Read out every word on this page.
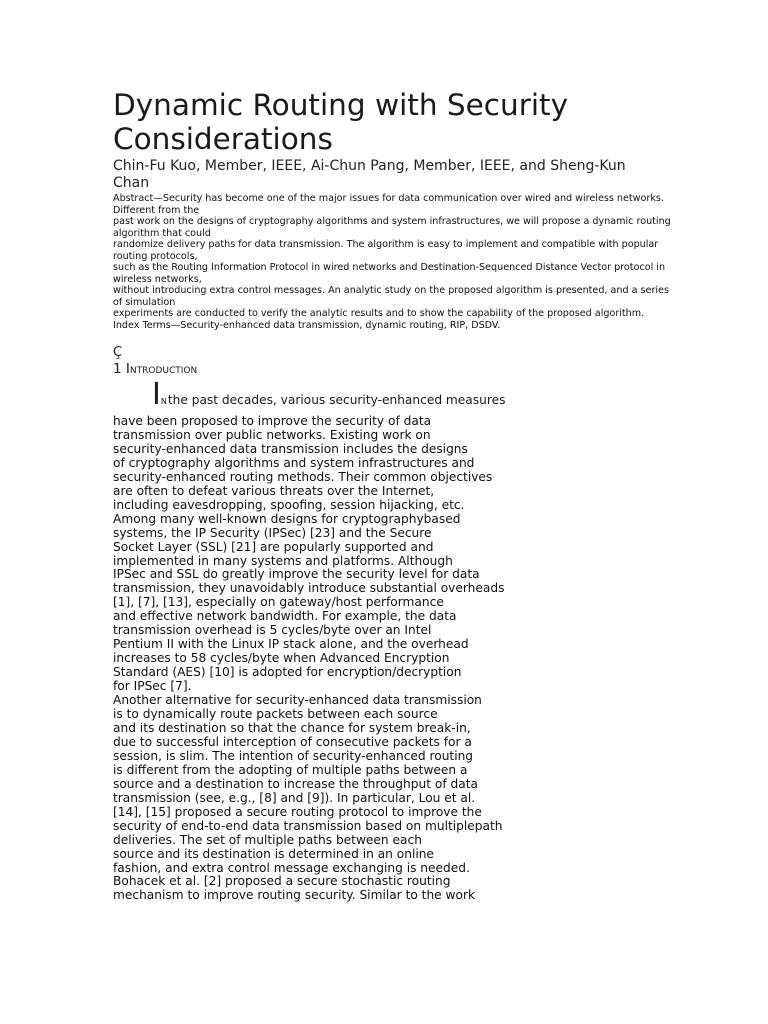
Dynamic Routing with Security Considerations
Chin-Fu Kuo, Member, IEEE, Ai-Chun Pang, Member, IEEE, and Sheng-Kun Chan
Abstract—Security has become one of the major issues for data communication over wired and wireless networks. Different from the
past work on the designs of cryptography algorithms and system infrastructures, we will propose a dynamic routing algorithm that could
randomize delivery paths for data transmission. The algorithm is easy to implement and compatible with popular routing protocols,
such as the Routing Information Protocol in wired networks and Destination-Sequenced Distance Vector protocol in wireless networks,
without introducing extra control messages. An analytic study on the proposed algorithm is presented, and a series of simulation
experiments are conducted to verify the analytic results and to show the capability of the proposed algorithm.
Index Terms—Security-enhanced data transmission, dynamic routing, RIP, DSDV.
Ç
1 Introduction
INthe past decades, various security-enhanced measures
have been proposed to improve the security of data
transmission over public networks. Existing work on
security-enhanced data transmission includes the designs
of cryptography algorithms and system infrastructures and
security-enhanced routing methods. Their common objectives
are often to defeat various threats over the Internet,
including eavesdropping, spoofing, session hijacking, etc.
Among many well-known designs for cryptographybased
systems, the IP Security (IPSec) [23] and the Secure
Socket Layer (SSL) [21] are popularly supported and
implemented in many systems and platforms. Although
IPSec and SSL do greatly improve the security level for data
transmission, they unavoidably introduce substantial overheads
[1], [7], [13], especially on gateway/host performance
and effective network bandwidth. For example, the data
transmission overhead is 5 cycles/byte over an Intel
Pentium II with the Linux IP stack alone, and the overhead
increases to 58 cycles/byte when Advanced Encryption
Standard (AES) [10] is adopted for encryption/decryption
for IPSec [7].
Another alternative for security-enhanced data transmission
is to dynamically route packets between each source
and its destination so that the chance for system break-in,
due to successful interception of consecutive packets for a
session, is slim. The intention of security-enhanced routing
is different from the adopting of multiple paths between a
source and a destination to increase the throughput of data
transmission (see, e.g., [8] and [9]). In particular, Lou et al.
[14], [15] proposed a secure routing protocol to improve the
security of end-to-end data transmission based on multiplepath
deliveries. The set of multiple paths between each
source and its destination is determined in an online
fashion, and extra control message exchanging is needed.
Bohacek et al. [2] proposed a secure stochastic routing
mechanism to improve routing security. Similar to the work
